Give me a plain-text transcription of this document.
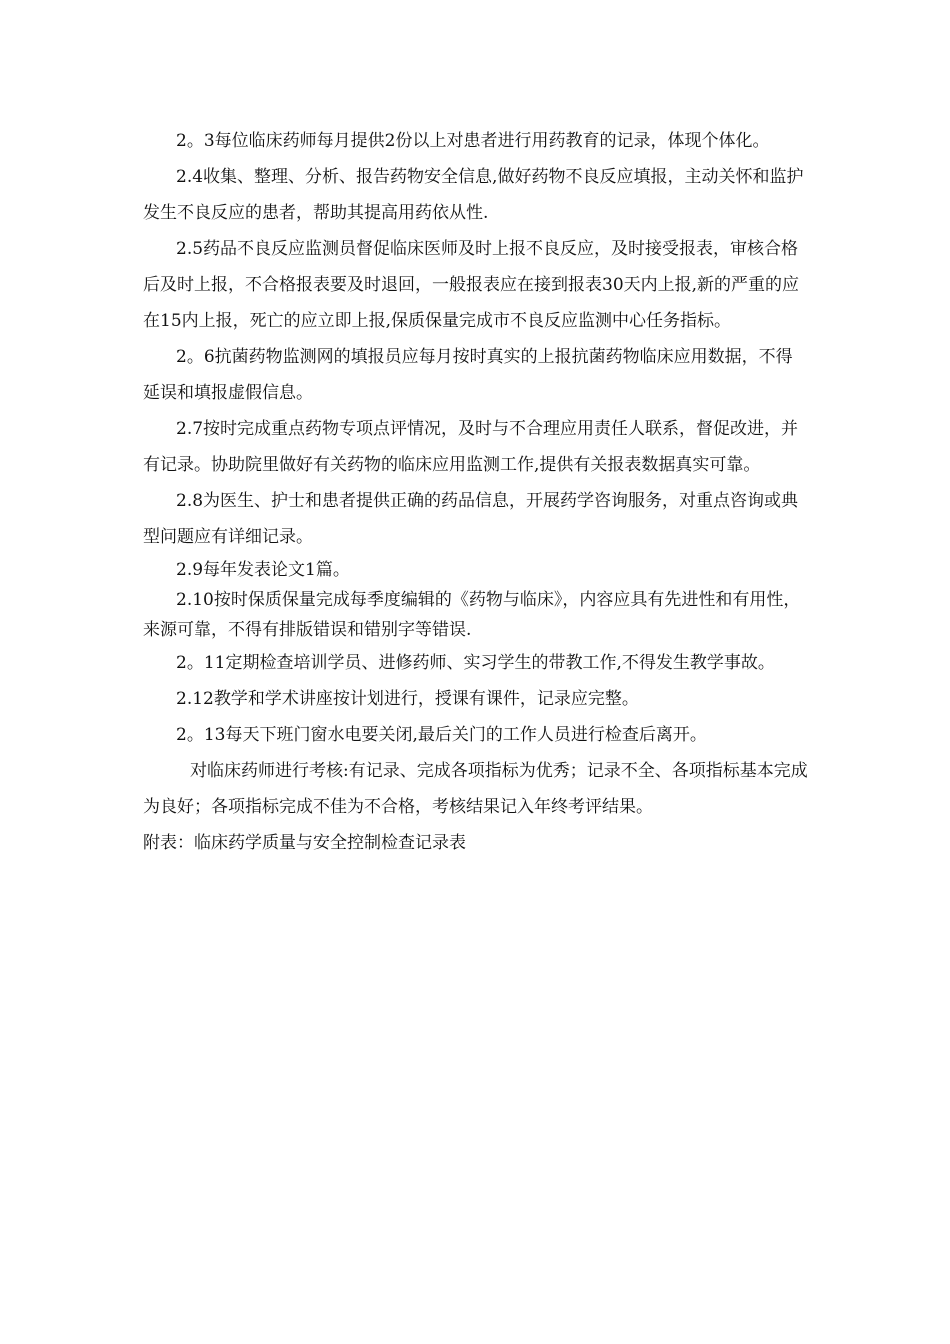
2。3每位临床药师每月提供2份以上对患者进行用药教育的记录，体现个体化。

2.4收集、整理、分析、报告药物安全信息,做好药物不良反应填报，主动关怀和监护发生不良反应的患者，帮助其提高用药依从性.

2.5药品不良反应监测员督促临床医师及时上报不良反应，及时接受报表，审核合格后及时上报，不合格报表要及时退回，一般报表应在接到报表30天内上报,新的严重的应在15内上报，死亡的应立即上报,保质保量完成市不良反应监测中心任务指标。

2。6抗菌药物监测网的填报员应每月按时真实的上报抗菌药物临床应用数据，不得延误和填报虚假信息。

2.7按时完成重点药物专项点评情况，及时与不合理应用责任人联系，督促改进，并有记录。协助院里做好有关药物的临床应用监测工作,提供有关报表数据真实可靠。

2.8为医生、护士和患者提供正确的药品信息，开展药学咨询服务，对重点咨询或典型问题应有详细记录。

2.9每年发表论文1篇。

2.10按时保质保量完成每季度编辑的《药物与临床》，内容应具有先进性和有用性，来源可靠，不得有排版错误和错别字等错误.

2。11定期检查培训学员、进修药师、实习学生的带教工作,不得发生教学事故。

2.12教学和学术讲座按计划进行，授课有课件，记录应完整。

2。13每天下班门窗水电要关闭,最后关门的工作人员进行检查后离开。

对临床药师进行考核:有记录、完成各项指标为优秀；记录不全、各项指标基本完成为良好；各项指标完成不佳为不合格，考核结果记入年终考评结果。

附表：临床药学质量与安全控制检查记录表
